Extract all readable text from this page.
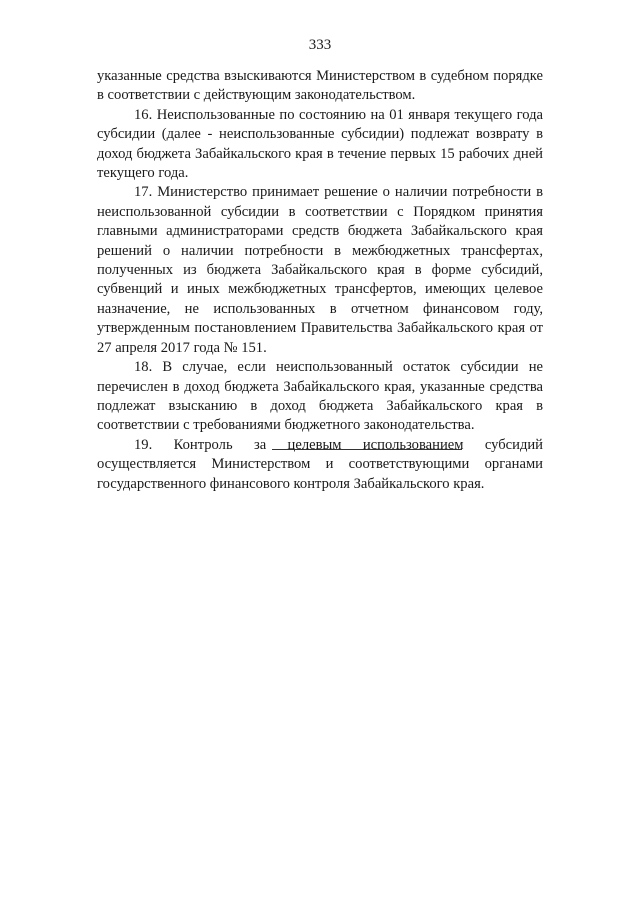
333

указанные средства взыскиваются Министерством в судебном порядке в соответствии с действующим законодательством.

16. Неиспользованные по состоянию на 01 января текущего года субсидии (далее - неиспользованные субсидии) подлежат возврату в доход бюджета Забайкальского края в течение первых 15 рабочих дней текущего года.

17. Министерство принимает решение о наличии потребности в неиспользованной субсидии в соответствии с Порядком принятия главными администраторами средств бюджета Забайкальского края решений о наличии потребности в межбюджетных трансфертах, полученных из бюджета Забайкальского края в форме субсидий, субвенций и иных межбюджетных трансфертов, имеющих целевое назначение, не использованных в отчетном финансовом году, утвержденным постановлением Правительства Забайкальского края от 27 апреля 2017 года № 151.

18. В случае, если неиспользованный остаток субсидии не перечислен в доход бюджета Забайкальского края, указанные средства подлежат взысканию в доход бюджета Забайкальского края в соответствии с требованиями бюджетного законодательства.

19. Контроль за целевым использованием субсидий осуществляется Министерством и соответствующими органами государственного финансового контроля Забайкальского края.
